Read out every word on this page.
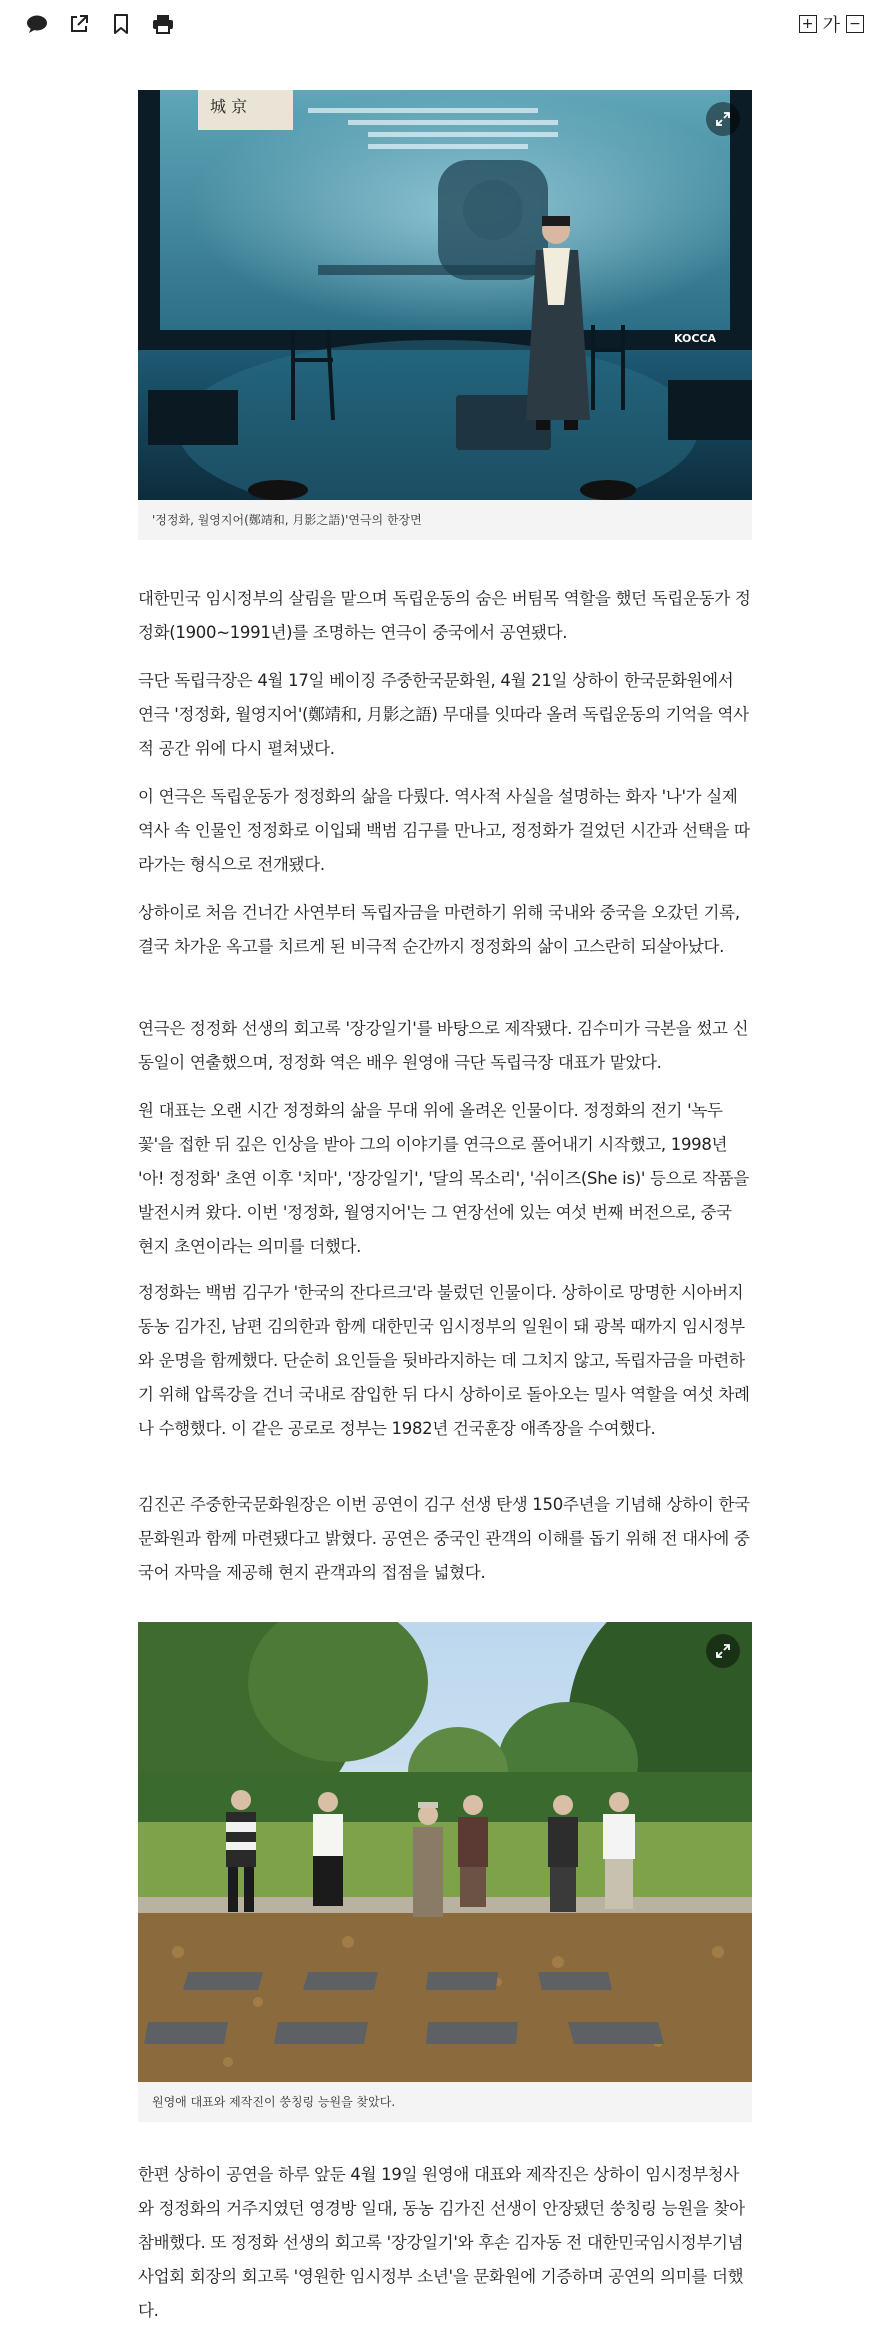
+ 가 −
城 京
KOCCA
'정정화, 월영지어(鄭靖和, 月影之語)'연극의 한장면

대한민국 임시정부의 살림을 맡으며 독립운동의 숨은 버팀목 역할을 했던 독립운동가 정정화(1900~1991년)를 조명하는 연극이 중국에서 공연됐다.

극단 독립극장은 4월 17일 베이징 주중한국문화원, 4월 21일 상하이 한국문화원에서 연극 '정정화, 월영지어'(鄭靖和, 月影之語) 무대를 잇따라 올려 독립운동의 기억을 역사적 공간 위에 다시 펼쳐냈다.

이 연극은 독립운동가 정정화의 삶을 다뤘다. 역사적 사실을 설명하는 화자 '나'가 실제 역사 속 인물인 정정화로 이입돼 백범 김구를 만나고, 정정화가 걸었던 시간과 선택을 따라가는 형식으로 전개됐다.

상하이로 처음 건너간 사연부터 독립자금을 마련하기 위해 국내와 중국을 오갔던 기록, 결국 차가운 옥고를 치르게 된 비극적 순간까지 정정화의 삶이 고스란히 되살아났다.

연극은 정정화 선생의 회고록 '장강일기'를 바탕으로 제작됐다. 김수미가 극본을 썼고 신동일이 연출했으며, 정정화 역은 배우 원영애 극단 독립극장 대표가 맡았다.

원 대표는 오랜 시간 정정화의 삶을 무대 위에 올려온 인물이다. 정정화의 전기 '녹두꽃'을 접한 뒤 깊은 인상을 받아 그의 이야기를 연극으로 풀어내기 시작했고, 1998년 '아! 정정화' 초연 이후 '치마', '장강일기', '달의 목소리', '쉬이즈(She is)' 등으로 작품을 발전시켜 왔다. 이번 '정정화, 월영지어'는 그 연장선에 있는 여섯 번째 버전으로, 중국 현지 초연이라는 의미를 더했다.

정정화는 백범 김구가 '한국의 잔다르크'라 불렀던 인물이다. 상하이로 망명한 시아버지 동농 김가진, 남편 김의한과 함께 대한민국 임시정부의 일원이 돼 광복 때까지 임시정부와 운명을 함께했다. 단순히 요인들을 뒷바라지하는 데 그치지 않고, 독립자금을 마련하기 위해 압록강을 건너 국내로 잠입한 뒤 다시 상하이로 돌아오는 밀사 역할을 여섯 차례나 수행했다. 이 같은 공로로 정부는 1982년 건국훈장 애족장을 수여했다.

김진곤 주중한국문화원장은 이번 공연이 김구 선생 탄생 150주년을 기념해 상하이 한국문화원과 함께 마련됐다고 밝혔다. 공연은 중국인 관객의 이해를 돕기 위해 전 대사에 중국어 자막을 제공해 현지 관객과의 접점을 넓혔다.

원영애 대표와 제작진이 쑹칭링 능원을 찾았다.

한편 상하이 공연을 하루 앞둔 4월 19일 원영애 대표와 제작진은 상하이 임시정부청사와 정정화의 거주지였던 영경방 일대, 동농 김가진 선생이 안장됐던 쑹칭링 능원을 찾아 참배했다. 또 정정화 선생의 회고록 '장강일기'와 후손 김자동 전 대한민국임시정부기념사업회 회장의 회고록 '영원한 임시정부 소년'을 문화원에 기증하며 공연의 의미를 더했다.
